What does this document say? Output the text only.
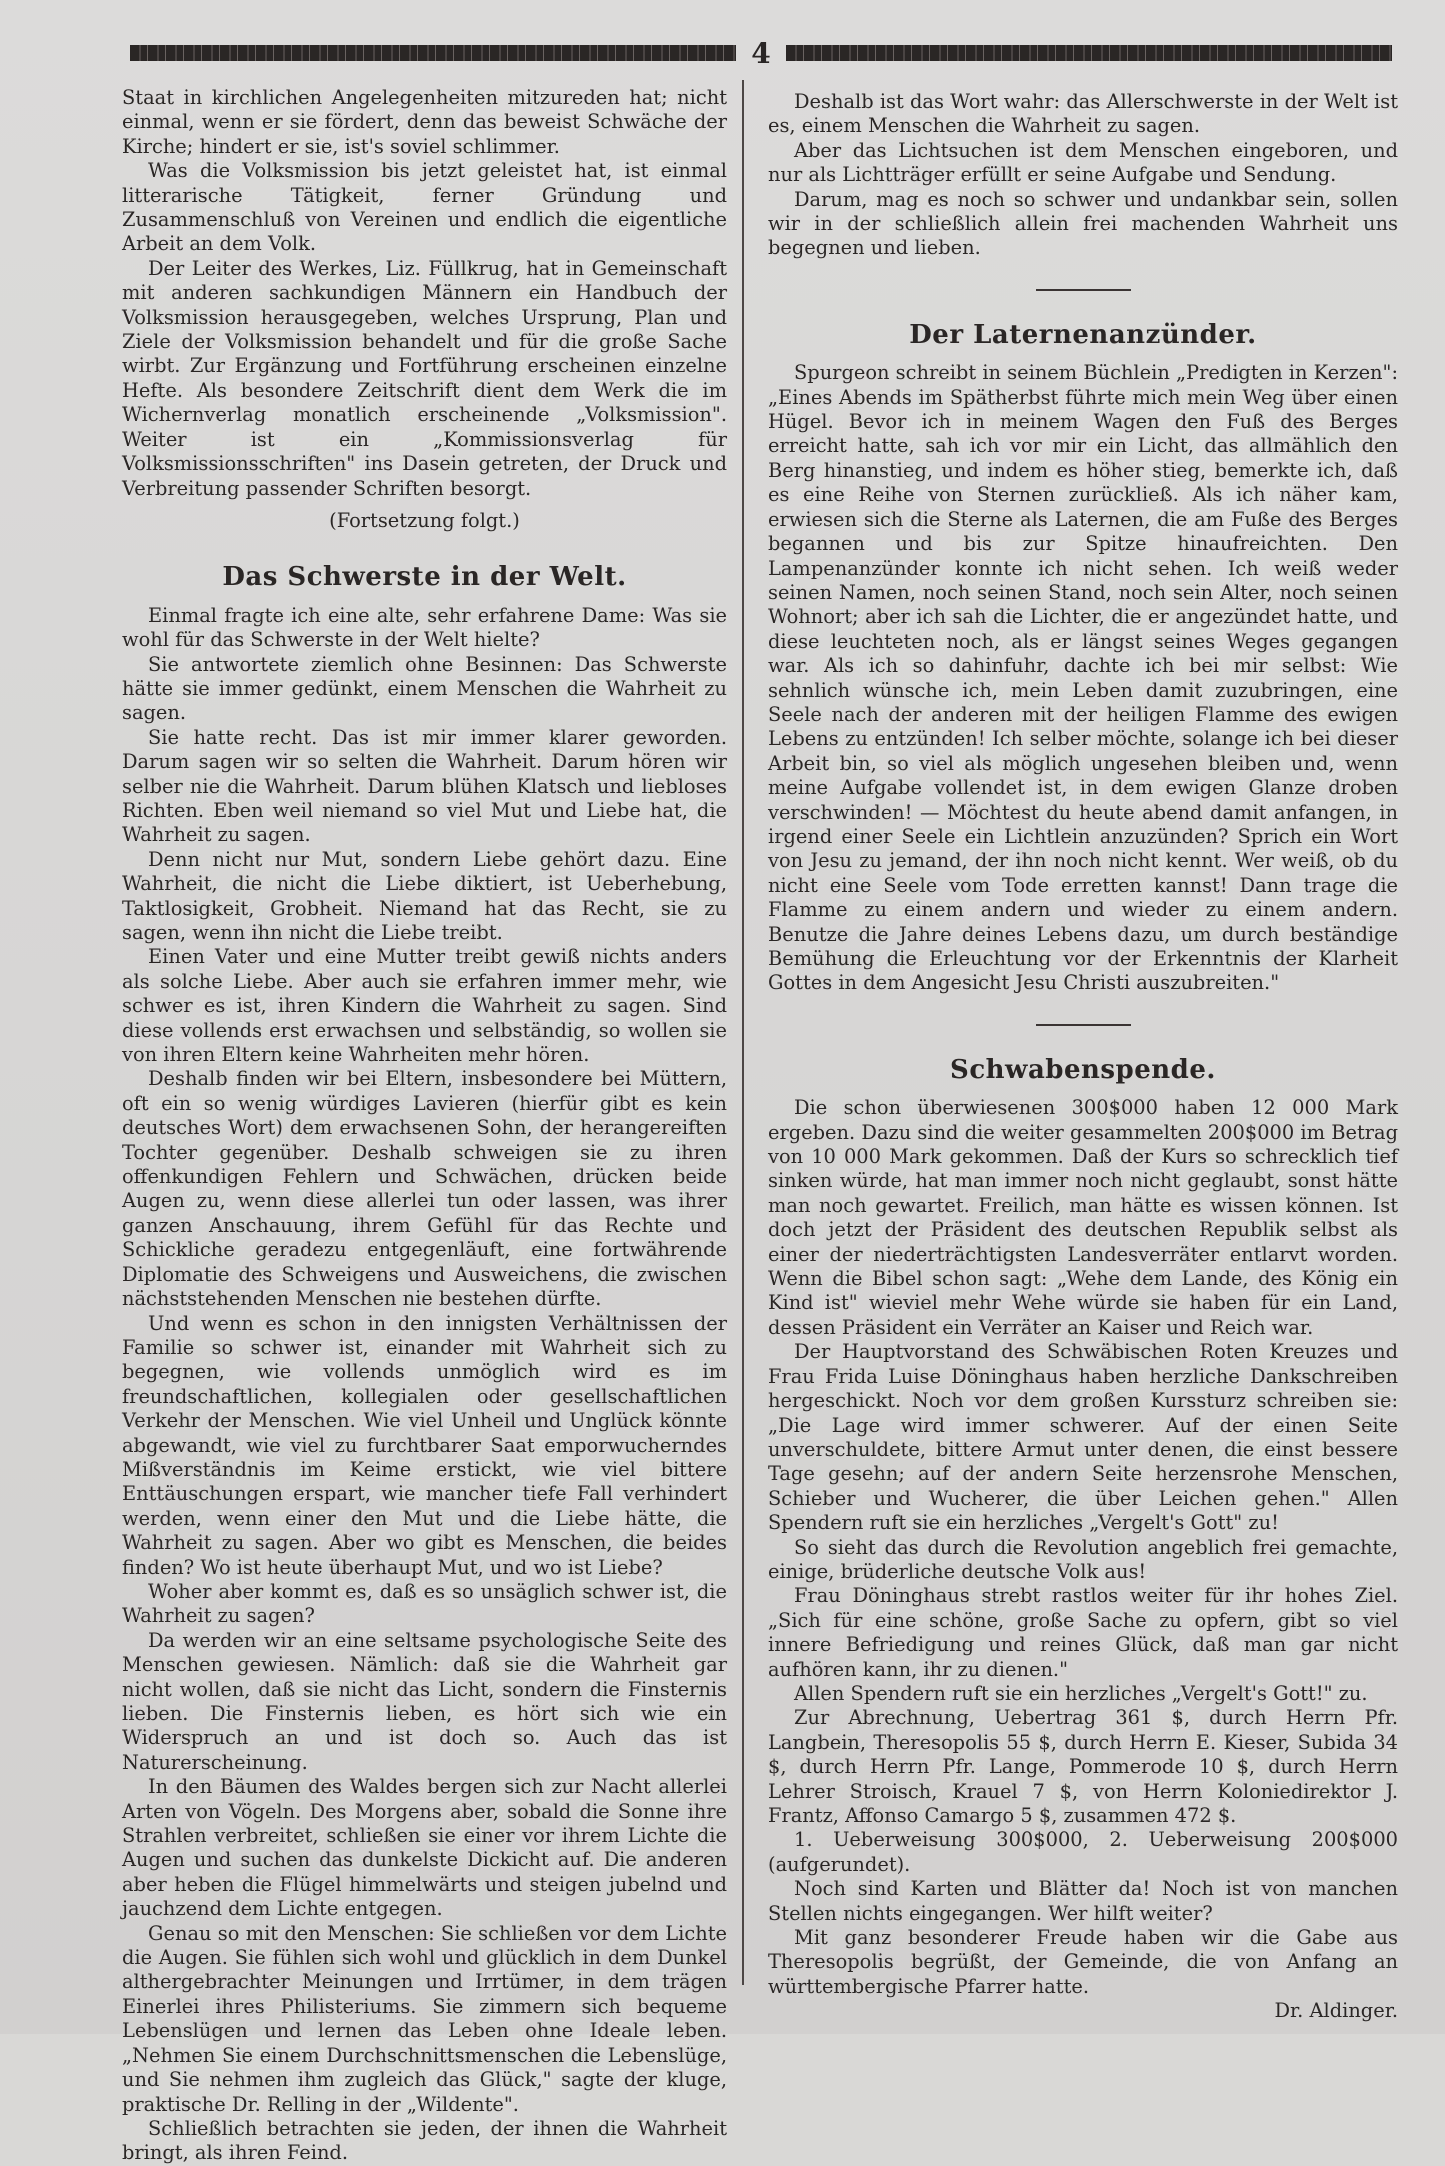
4

Staat in kirchlichen Angelegenheiten mitzureden hat; nicht einmal, wenn er sie fördert, denn das beweist Schwäche der Kirche; hindert er sie, ist's soviel schlimmer.

Was die Volksmission bis jetzt geleistet hat, ist einmal litterarische Tätigkeit, ferner Gründung und Zusammenschluß von Vereinen und endlich die eigentliche Arbeit an dem Volk.

Der Leiter des Werkes, Liz. Füllkrug, hat in Gemeinschaft mit anderen sachkundigen Männern ein Handbuch der Volksmission herausgegeben, welches Ursprung, Plan und Ziele der Volksmission behandelt und für die große Sache wirbt. Zur Ergänzung und Fortführung erscheinen einzelne Hefte. Als besondere Zeitschrift dient dem Werk die im Wichernverlag monatlich erscheinende „Volksmission". Weiter ist ein „Kommissionsverlag für Volksmissionsschriften" ins Dasein getreten, der Druck und Verbreitung passender Schriften besorgt.

(Fortsetzung folgt.)

Das Schwerste in der Welt.

Einmal fragte ich eine alte, sehr erfahrene Dame: Was sie wohl für das Schwerste in der Welt hielte?

Sie antwortete ziemlich ohne Besinnen: Das Schwerste hätte sie immer gedünkt, einem Menschen die Wahrheit zu sagen.

Sie hatte recht. Das ist mir immer klarer geworden. Darum sagen wir so selten die Wahrheit. Darum hören wir selber nie die Wahrheit. Darum blühen Klatsch und liebloses Richten. Eben weil niemand so viel Mut und Liebe hat, die Wahrheit zu sagen.

Denn nicht nur Mut, sondern Liebe gehört dazu. Eine Wahrheit, die nicht die Liebe diktiert, ist Ueberhebung, Taktlosigkeit, Grobheit. Niemand hat das Recht, sie zu sagen, wenn ihn nicht die Liebe treibt.

Einen Vater und eine Mutter treibt gewiß nichts anders als solche Liebe. Aber auch sie erfahren immer mehr, wie schwer es ist, ihren Kindern die Wahrheit zu sagen. Sind diese vollends erst erwachsen und selbständig, so wollen sie von ihren Eltern keine Wahrheiten mehr hören.

Deshalb finden wir bei Eltern, insbesondere bei Müttern, oft ein so wenig würdiges Lavieren (hierfür gibt es kein deutsches Wort) dem erwachsenen Sohn, der herangereiften Tochter gegenüber. Deshalb schweigen sie zu ihren offenkundigen Fehlern und Schwächen, drücken beide Augen zu, wenn diese allerlei tun oder lassen, was ihrer ganzen Anschauung, ihrem Gefühl für das Rechte und Schickliche geradezu entgegenläuft, eine fortwährende Diplomatie des Schweigens und Ausweichens, die zwischen nächststehenden Menschen nie bestehen dürfte.

Und wenn es schon in den innigsten Verhältnissen der Familie so schwer ist, einander mit Wahrheit sich zu begegnen, wie vollends unmöglich wird es im freundschaftlichen, kollegialen oder gesellschaftlichen Verkehr der Menschen. Wie viel Unheil und Unglück könnte abgewandt, wie viel zu furchtbarer Saat emporwucherndes Mißverständnis im Keime erstickt, wie viel bittere Enttäuschungen erspart, wie mancher tiefe Fall verhindert werden, wenn einer den Mut und die Liebe hätte, die Wahrheit zu sagen. Aber wo gibt es Menschen, die beides finden? Wo ist heute überhaupt Mut, und wo ist Liebe?

Woher aber kommt es, daß es so unsäglich schwer ist, die Wahrheit zu sagen?

Da werden wir an eine seltsame psychologische Seite des Menschen gewiesen. Nämlich: daß sie die Wahrheit gar nicht wollen, daß sie nicht das Licht, sondern die Finsternis lieben. Die Finsternis lieben, es hört sich wie ein Widerspruch an und ist doch so. Auch das ist Naturerscheinung.

In den Bäumen des Waldes bergen sich zur Nacht allerlei Arten von Vögeln. Des Morgens aber, sobald die Sonne ihre Strahlen verbreitet, schließen sie einer vor ihrem Lichte die Augen und suchen das dunkelste Dickicht auf. Die anderen aber heben die Flügel himmelwärts und steigen jubelnd und jauchzend dem Lichte entgegen.

Genau so mit den Menschen: Sie schließen vor dem Lichte die Augen. Sie fühlen sich wohl und glücklich in dem Dunkel althergebrachter Meinungen und Irrtümer, in dem trägen Einerlei ihres Philisteriums. Sie zimmern sich bequeme Lebenslügen und lernen das Leben ohne Ideale leben. „Nehmen Sie einem Durchschnittsmenschen die Lebenslüge, und Sie nehmen ihm zugleich das Glück," sagte der kluge, praktische Dr. Relling in der „Wildente".

Schließlich betrachten sie jeden, der ihnen die Wahrheit bringt, als ihren Feind.

Deshalb ist das Wort wahr: das Allerschwerste in der Welt ist es, einem Menschen die Wahrheit zu sagen.

Aber das Lichtsuchen ist dem Menschen eingeboren, und nur als Lichtträger erfüllt er seine Aufgabe und Sendung.

Darum, mag es noch so schwer und undankbar sein, sollen wir in der schließlich allein frei machenden Wahrheit uns begegnen und lieben.

Der Laternenanzünder.

Spurgeon schreibt in seinem Büchlein „Predigten in Kerzen": „Eines Abends im Spätherbst führte mich mein Weg über einen Hügel. Bevor ich in meinem Wagen den Fuß des Berges erreicht hatte, sah ich vor mir ein Licht, das allmählich den Berg hinanstieg, und indem es höher stieg, bemerkte ich, daß es eine Reihe von Sternen zurückließ. Als ich näher kam, erwiesen sich die Sterne als Laternen, die am Fuße des Berges begannen und bis zur Spitze hinaufreichten. Den Lampenanzünder konnte ich nicht sehen. Ich weiß weder seinen Namen, noch seinen Stand, noch sein Alter, noch seinen Wohnort; aber ich sah die Lichter, die er angezündet hatte, und diese leuchteten noch, als er längst seines Weges gegangen war. Als ich so dahinfuhr, dachte ich bei mir selbst: Wie sehnlich wünsche ich, mein Leben damit zuzubringen, eine Seele nach der anderen mit der heiligen Flamme des ewigen Lebens zu entzünden! Ich selber möchte, solange ich bei dieser Arbeit bin, so viel als möglich ungesehen bleiben und, wenn meine Aufgabe vollendet ist, in dem ewigen Glanze droben verschwinden! — Möchtest du heute abend damit anfangen, in irgend einer Seele ein Lichtlein anzuzünden? Sprich ein Wort von Jesu zu jemand, der ihn noch nicht kennt. Wer weiß, ob du nicht eine Seele vom Tode erretten kannst! Dann trage die Flamme zu einem andern und wieder zu einem andern. Benutze die Jahre deines Lebens dazu, um durch beständige Bemühung die Erleuchtung vor der Erkenntnis der Klarheit Gottes in dem Angesicht Jesu Christi auszubreiten."

Schwabenspende.

Die schon überwiesenen 300$000 haben 12 000 Mark ergeben. Dazu sind die weiter gesammelten 200$000 im Betrag von 10 000 Mark gekommen. Daß der Kurs so schrecklich tief sinken würde, hat man immer noch nicht geglaubt, sonst hätte man noch gewartet. Freilich, man hätte es wissen können. Ist doch jetzt der Präsident des deutschen Republik selbst als einer der niederträchtigsten Landesverräter entlarvt worden. Wenn die Bibel schon sagt: „Wehe dem Lande, des König ein Kind ist" wieviel mehr Wehe würde sie haben für ein Land, dessen Präsident ein Verräter an Kaiser und Reich war.

Der Hauptvorstand des Schwäbischen Roten Kreuzes und Frau Frida Luise Döninghaus haben herzliche Dankschreiben hergeschickt. Noch vor dem großen Kurssturz schreiben sie: „Die Lage wird immer schwerer. Auf der einen Seite unverschuldete, bittere Armut unter denen, die einst bessere Tage gesehn; auf der andern Seite herzensrohe Menschen, Schieber und Wucherer, die über Leichen gehen." Allen Spendern ruft sie ein herzliches „Vergelt's Gott" zu!

So sieht das durch die Revolution angeblich frei gemachte, einige, brüderliche deutsche Volk aus!

Frau Döninghaus strebt rastlos weiter für ihr hohes Ziel. „Sich für eine schöne, große Sache zu opfern, gibt so viel innere Befriedigung und reines Glück, daß man gar nicht aufhören kann, ihr zu dienen."

Allen Spendern ruft sie ein herzliches „Vergelt's Gott!" zu.

Zur Abrechnung, Uebertrag 361 $, durch Herrn Pfr. Langbein, Theresopolis 55 $, durch Herrn E. Kieser, Subida 34 $, durch Herrn Pfr. Lange, Pommerode 10 $, durch Herrn Lehrer Stroisch, Krauel 7 $, von Herrn Koloniedirektor J. Frantz, Affonso Camargo 5 $, zusammen 472 $.

1. Ueberweisung 300$000, 2. Ueberweisung 200$000 (aufgerundet).

Noch sind Karten und Blätter da! Noch ist von manchen Stellen nichts eingegangen. Wer hilft weiter?

Mit ganz besonderer Freude haben wir die Gabe aus Theresopolis begrüßt, der Gemeinde, die von Anfang an württembergische Pfarrer hatte.

Dr. Aldinger.
